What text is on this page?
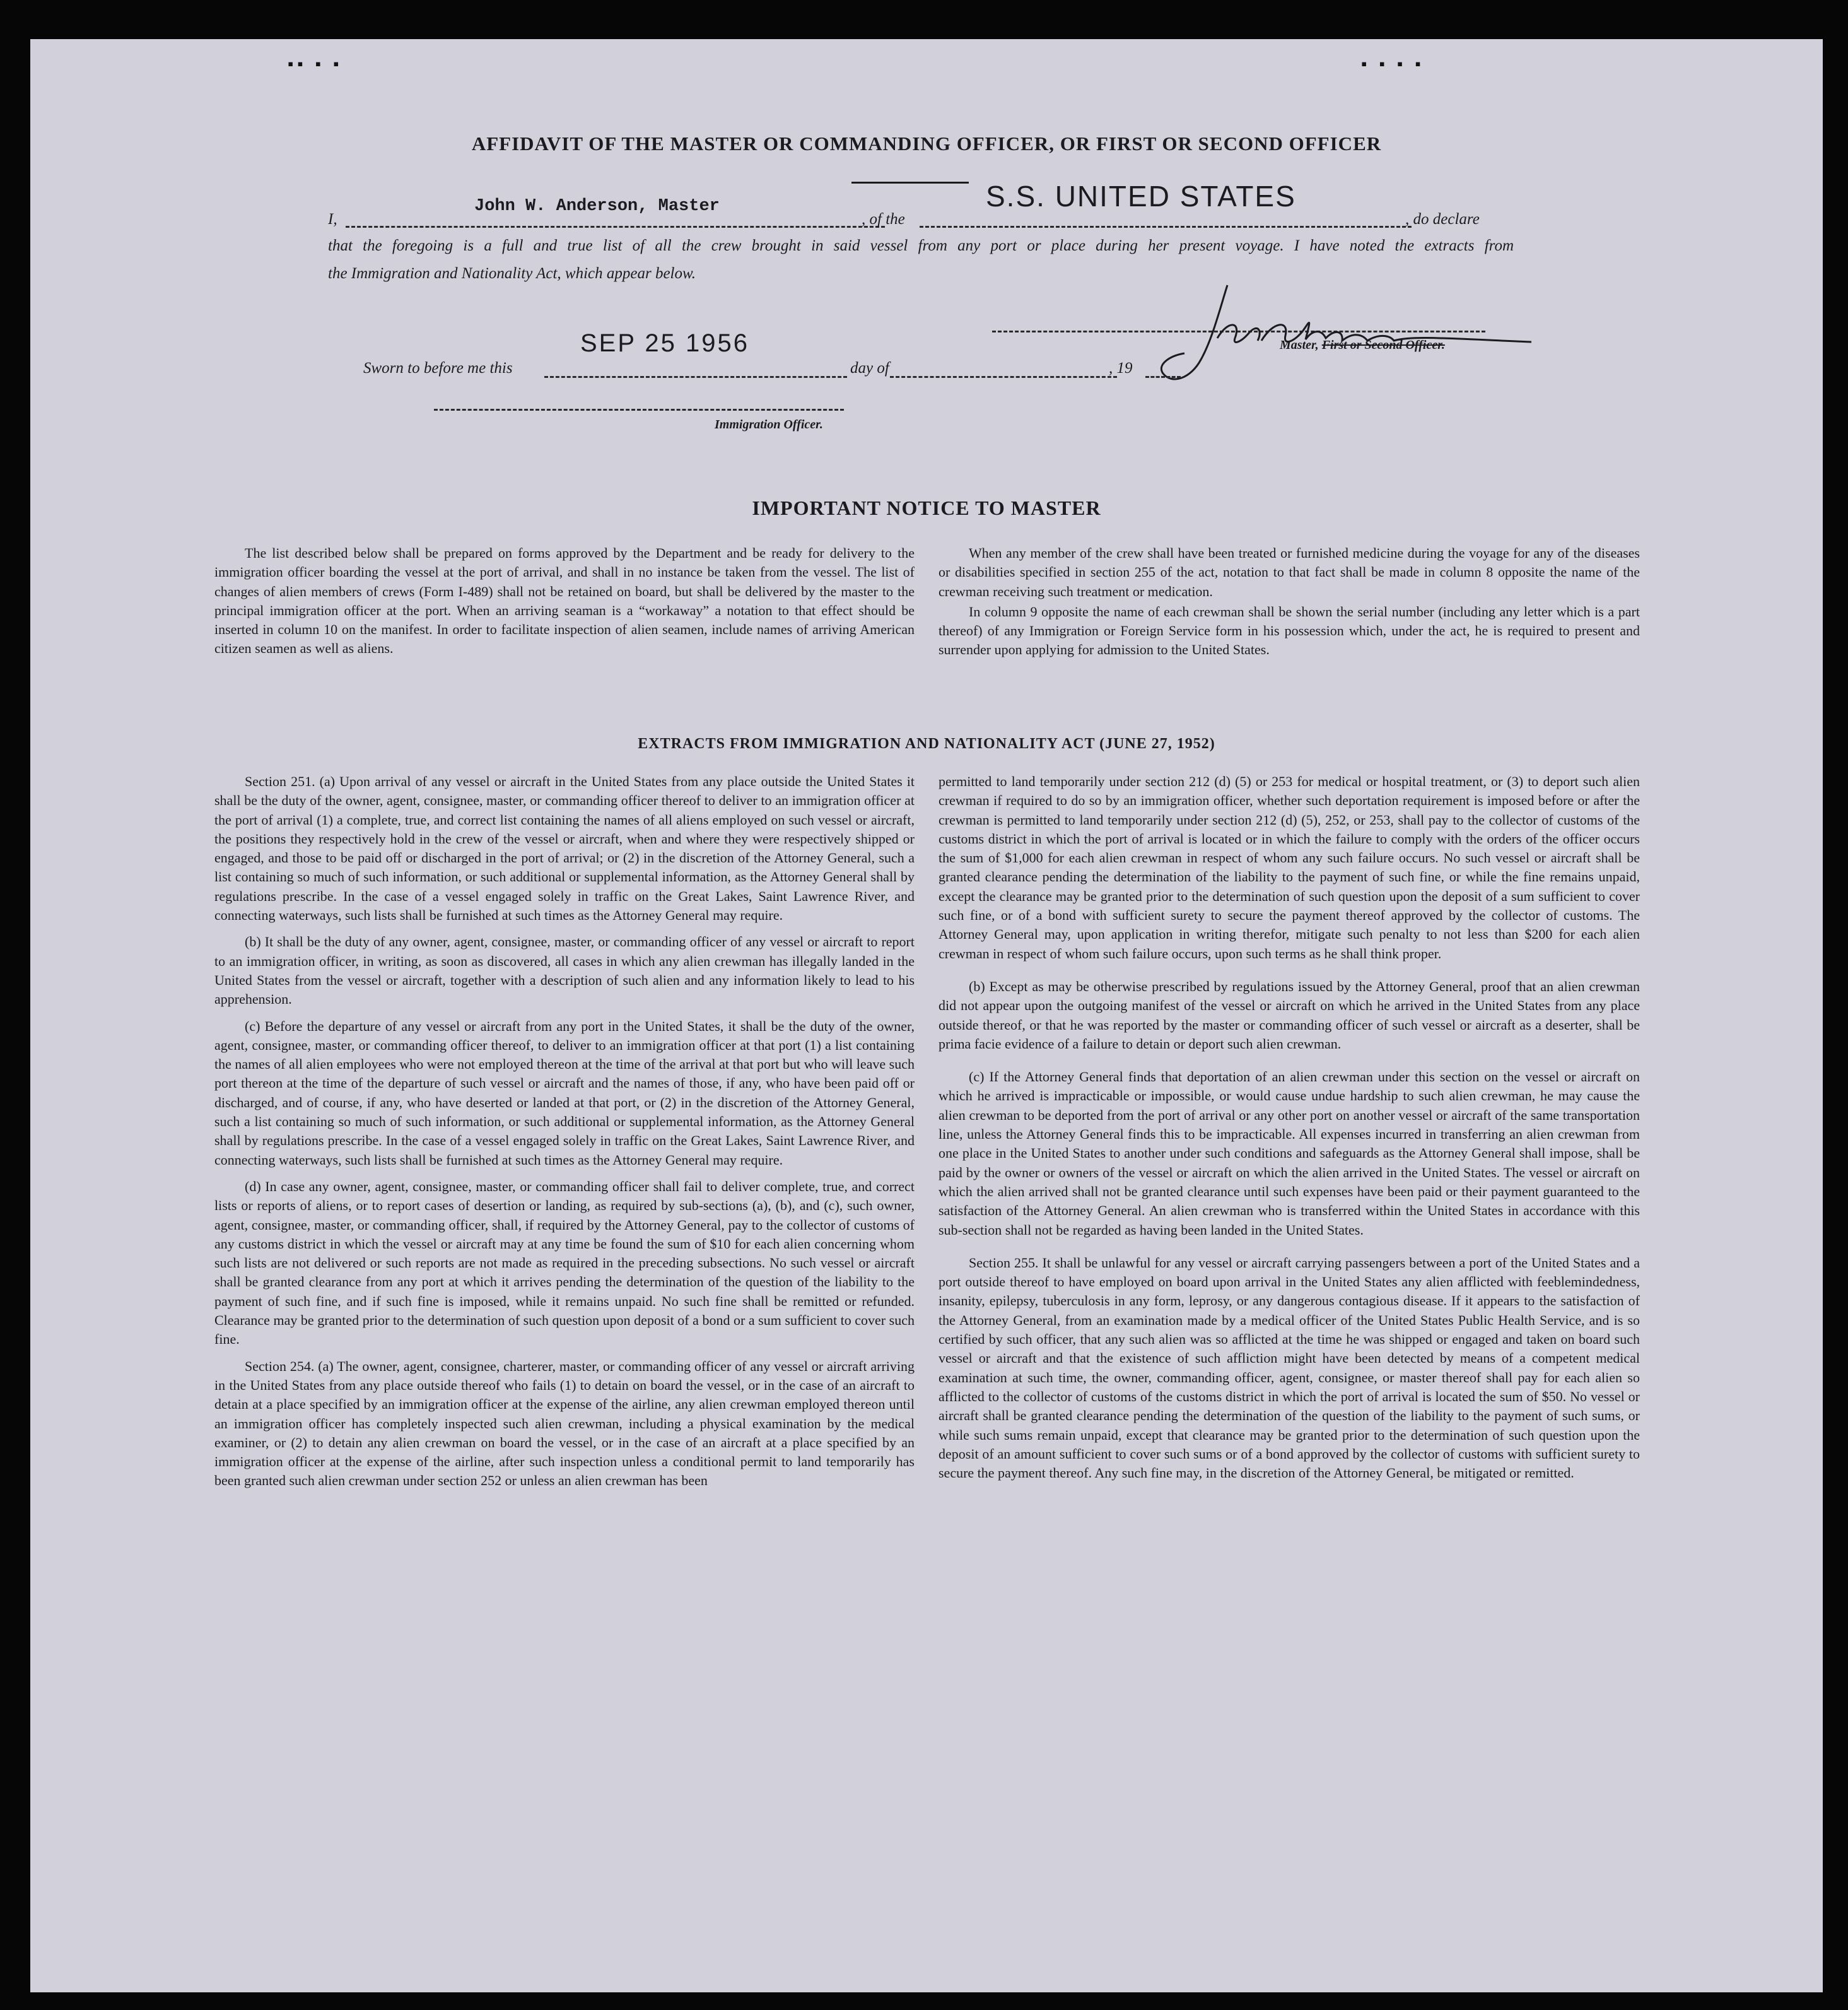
▪▪ ▪ ▪	▪ ▪ ▪ ▪
AFFIDAVIT OF THE MASTER OR COMMANDING OFFICER, OR FIRST OR SECOND OFFICER
I,
John W. Anderson, Master
, of the
S.S. UNITED STATES
, do declare
that the foregoing is a full and true list of all the crew brought in said vessel from any port or place during her present voyage. I have noted the extracts from
the Immigration and Nationality Act, which appear below.
Master, First or Second Officer.
Sworn to before me this
SEP 25 1956
day of	, 19
Immigration Officer.
IMPORTANT NOTICE TO MASTER

The list described below shall be prepared on forms approved by the Department and be ready for delivery to the immigration officer boarding the vessel at the port of arrival, and shall in no instance be taken from the vessel. The list of changes of alien members of crews (Form I-489) shall not be retained on board, but shall be delivered by the master to the principal immigration officer at the port. When an arriving seaman is a “workaway” a notation to that effect should be inserted in column 10 on the manifest. In order to facilitate inspection of alien seamen, include names of arriving American citizen seamen as well as aliens.

When any member of the crew shall have been treated or furnished medicine during the voyage for any of the diseases or disabilities specified in section 255 of the act, notation to that fact shall be made in column 8 opposite the name of the crewman receiving such treatment or medication.

In column 9 opposite the name of each crewman shall be shown the serial number (including any letter which is a part thereof) of any Immigration or Foreign Service form in his possession which, under the act, he is required to present and surrender upon applying for admission to the United States.

EXTRACTS FROM IMMIGRATION AND NATIONALITY ACT (JUNE 27, 1952)

Section 251. (a) Upon arrival of any vessel or aircraft in the United States from any place outside the United States it shall be the duty of the owner, agent, consignee, master, or commanding officer thereof to deliver to an immigration officer at the port of arrival (1) a complete, true, and correct list containing the names of all aliens employed on such vessel or aircraft, the positions they respectively hold in the crew of the vessel or aircraft, when and where they were respectively shipped or engaged, and those to be paid off or discharged in the port of arrival; or (2) in the discretion of the Attorney General, such a list containing so much of such information, or such additional or supplemental information, as the Attorney General shall by regulations prescribe. In the case of a vessel engaged solely in traffic on the Great Lakes, Saint Lawrence River, and connecting waterways, such lists shall be furnished at such times as the Attorney General may require.

(b) It shall be the duty of any owner, agent, consignee, master, or commanding officer of any vessel or aircraft to report to an immigration officer, in writing, as soon as discovered, all cases in which any alien crewman has illegally landed in the United States from the vessel or aircraft, together with a description of such alien and any information likely to lead to his apprehension.

(c) Before the departure of any vessel or aircraft from any port in the United States, it shall be the duty of the owner, agent, consignee, master, or commanding officer thereof, to deliver to an immigration officer at that port (1) a list containing the names of all alien employees who were not employed thereon at the time of the arrival at that port but who will leave such port thereon at the time of the departure of such vessel or aircraft and the names of those, if any, who have been paid off or discharged, and of course, if any, who have deserted or landed at that port, or (2) in the discretion of the Attorney General, such a list containing so much of such information, or such additional or supplemental information, as the Attorney General shall by regulations prescribe. In the case of a vessel engaged solely in traffic on the Great Lakes, Saint Lawrence River, and connecting waterways, such lists shall be furnished at such times as the Attorney General may require.

(d) In case any owner, agent, consignee, master, or commanding officer shall fail to deliver complete, true, and correct lists or reports of aliens, or to report cases of desertion or landing, as required by sub-sections (a), (b), and (c), such owner, agent, consignee, master, or commanding officer, shall, if required by the Attorney General, pay to the collector of customs of any customs district in which the vessel or aircraft may at any time be found the sum of $10 for each alien concerning whom such lists are not delivered or such reports are not made as required in the preceding subsections. No such vessel or aircraft shall be granted clearance from any port at which it arrives pending the determination of the question of the liability to the payment of such fine, and if such fine is imposed, while it remains unpaid. No such fine shall be remitted or refunded. Clearance may be granted prior to the determination of such question upon deposit of a bond or a sum sufficient to cover such fine.

Section 254. (a) The owner, agent, consignee, charterer, master, or commanding officer of any vessel or aircraft arriving in the United States from any place outside thereof who fails (1) to detain on board the vessel, or in the case of an aircraft to detain at a place specified by an immigration officer at the expense of the airline, any alien crewman employed thereon until an immigration officer has completely inspected such alien crewman, including a physical examination by the medical examiner, or (2) to detain any alien crewman on board the vessel, or in the case of an aircraft at a place specified by an immigration officer at the expense of the airline, after such inspection unless a conditional permit to land temporarily has been granted such alien crewman under section 252 or unless an alien crewman has been

permitted to land temporarily under section 212 (d) (5) or 253 for medical or hospital treatment, or (3) to deport such alien crewman if required to do so by an immigration officer, whether such deportation requirement is imposed before or after the crewman is permitted to land temporarily under section 212 (d) (5), 252, or 253, shall pay to the collector of customs of the customs district in which the port of arrival is located or in which the failure to comply with the orders of the officer occurs the sum of $1,000 for each alien crewman in respect of whom any such failure occurs. No such vessel or aircraft shall be granted clearance pending the determination of the liability to the payment of such fine, or while the fine remains unpaid, except the clearance may be granted prior to the determination of such question upon the deposit of a sum sufficient to cover such fine, or of a bond with sufficient surety to secure the payment thereof approved by the collector of customs. The Attorney General may, upon application in writing therefor, mitigate such penalty to not less than $200 for each alien crewman in respect of whom such failure occurs, upon such terms as he shall think proper.

(b) Except as may be otherwise prescribed by regulations issued by the Attorney General, proof that an alien crewman did not appear upon the outgoing manifest of the vessel or aircraft on which he arrived in the United States from any place outside thereof, or that he was reported by the master or commanding officer of such vessel or aircraft as a deserter, shall be prima facie evidence of a failure to detain or deport such alien crewman.

(c) If the Attorney General finds that deportation of an alien crewman under this section on the vessel or aircraft on which he arrived is impracticable or impossible, or would cause undue hardship to such alien crewman, he may cause the alien crewman to be deported from the port of arrival or any other port on another vessel or aircraft of the same transportation line, unless the Attorney General finds this to be impracticable. All expenses incurred in transferring an alien crewman from one place in the United States to another under such conditions and safeguards as the Attorney General shall impose, shall be paid by the owner or owners of the vessel or aircraft on which the alien arrived in the United States. The vessel or aircraft on which the alien arrived shall not be granted clearance until such expenses have been paid or their payment guaranteed to the satisfaction of the Attorney General. An alien crewman who is transferred within the United States in accordance with this sub-section shall not be regarded as having been landed in the United States.

Section 255. It shall be unlawful for any vessel or aircraft carrying passengers between a port of the United States and a port outside thereof to have employed on board upon arrival in the United States any alien afflicted with feeblemindedness, insanity, epilepsy, tuberculosis in any form, leprosy, or any dangerous contagious disease. If it appears to the satisfaction of the Attorney General, from an examination made by a medical officer of the United States Public Health Service, and is so certified by such officer, that any such alien was so afflicted at the time he was shipped or engaged and taken on board such vessel or aircraft and that the existence of such affliction might have been detected by means of a competent medical examination at such time, the owner, commanding officer, agent, consignee, or master thereof shall pay for each alien so afflicted to the collector of customs of the customs district in which the port of arrival is located the sum of $50. No vessel or aircraft shall be granted clearance pending the determination of the question of the liability to the payment of such sums, or while such sums remain unpaid, except that clearance may be granted prior to the determination of such question upon the deposit of an amount sufficient to cover such sums or of a bond approved by the collector of customs with sufficient surety to secure the payment thereof. Any such fine may, in the discretion of the Attorney General, be mitigated or remitted.
